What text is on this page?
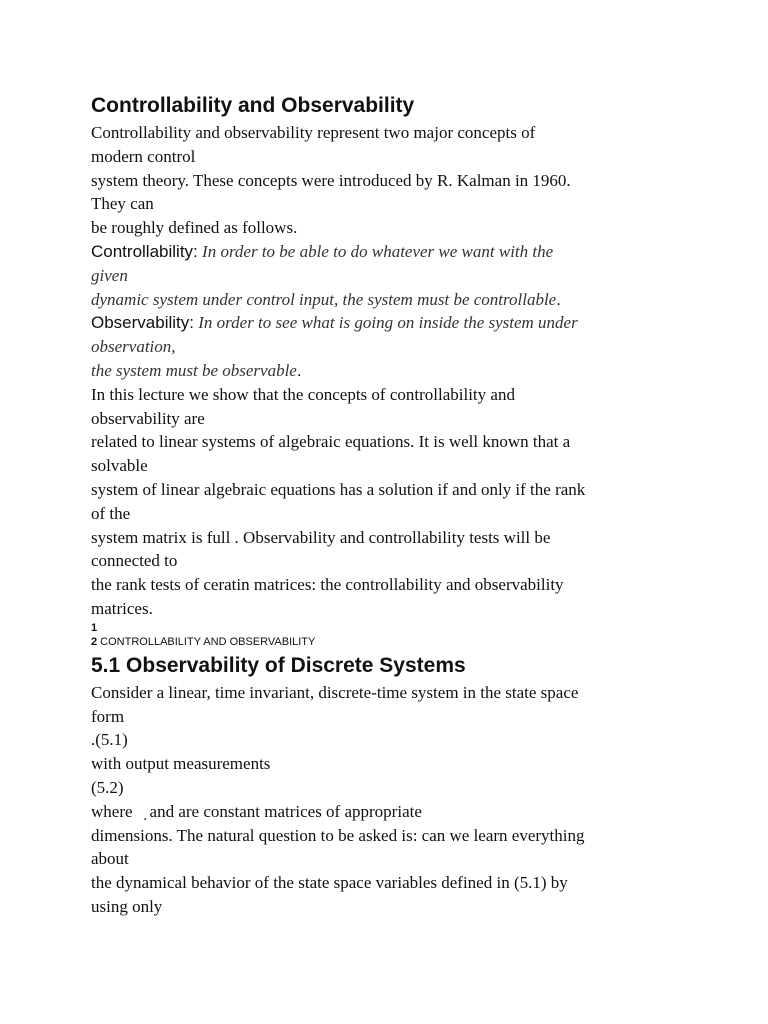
Controllability and Observability
Controllability and observability represent two major concepts of
modern control
system theory. These concepts were introduced by R. Kalman in 1960.
They can
be roughly defined as follows.
Controllability: In order to be able to do whatever we want with the
given
dynamic system under control input, the system must be controllable.
Observability: In order to see what is going on inside the system under
observation,
the system must be observable.
In this lecture we show that the concepts of controllability and
observability are
related to linear systems of algebraic equations. It is well known that a
solvable
system of linear algebraic equations has a solution if and only if the rank
of the
system matrix is full . Observability and controllability tests will be
connected to
the rank tests of ceratin matrices: the controllability and observability
matrices.
1
2 CONTROLLABILITY AND OBSERVABILITY
5.1 Observability of Discrete Systems
Consider a linear, time invariant, discrete-time system in the state space
form
.(5.1)
with output measurements
(5.2)
where   ̣ and are constant matrices of appropriate
dimensions. The natural question to be asked is: can we learn everything
about
the dynamical behavior of the state space variables defined in (5.1) by
using only
